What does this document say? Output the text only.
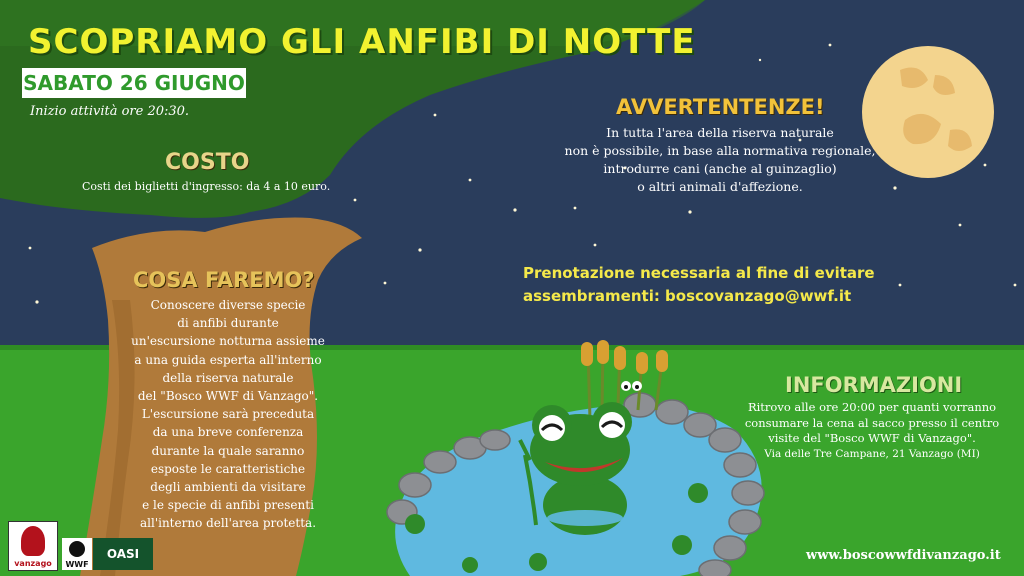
SCOPRIAMO GLI ANFIBI DI NOTTE
SABATO 26 GIUGNO
Inizio attività ore 20:30.
COSTO
Costi dei biglietti d'ingresso: da 4 a 10 euro.
AVVERTENTENZE!
In tutta l'area della riserva naturale
non è possibile, in base alla normativa regionale,
introdurre cani (anche al guinzaglio)
o altri animali d'affezione.
Prenotazione necessaria al fine di evitare
assembramenti: boscovanzago@wwf.it
COSA FAREMO?
Conoscere diverse specie
di anfibi durante
un'escursione notturna assieme
a una guida esperta all'interno
della riserva naturale
del "Bosco WWF di Vanzago".
L'escursione sarà preceduta
da una breve conferenza
durante la quale saranno
esposte le caratteristiche
degli ambienti da visitare
e le specie di anfibi presenti
all'interno dell'area protetta.
INFORMAZIONI
Ritrovo alle ore 20:00 per quanti vorranno
consumare la cena al sacco presso il centro
visite del "Bosco WWF di Vanzago".
Via delle Tre Campane, 21 Vanzago (MI)
www.boscowwfdivanzago.it
vanzago	WWF
OASI
